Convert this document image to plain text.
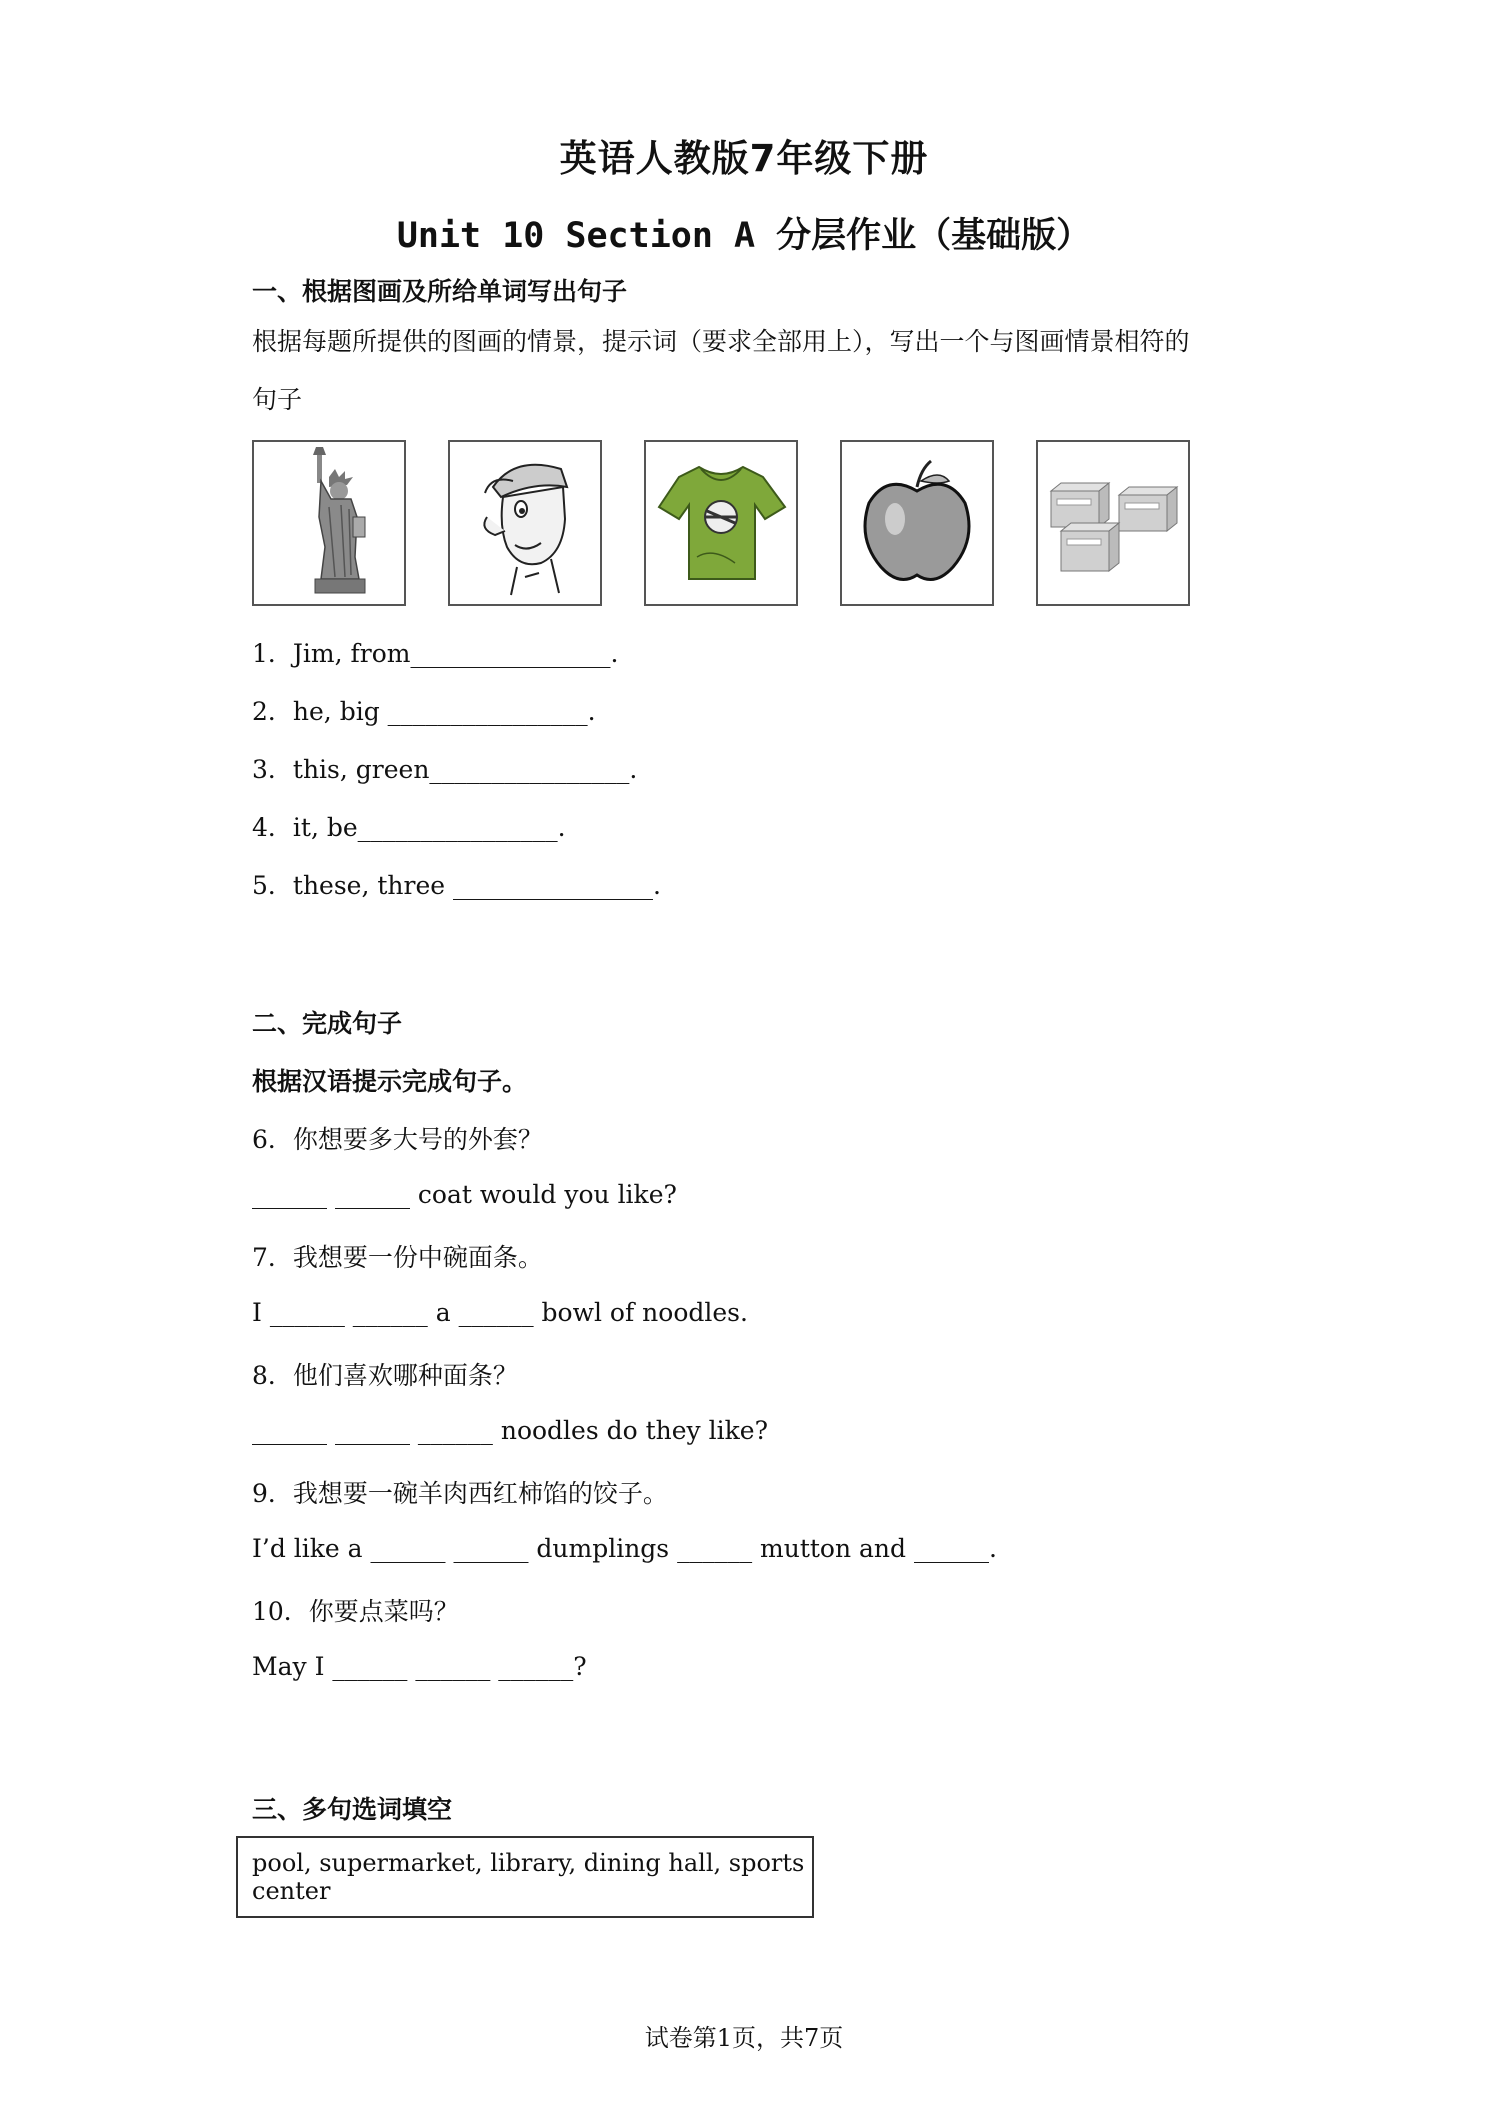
英语人教版7年级下册
Unit 10 Section A 分层作业（基础版）
一、根据图画及所给单词写出句子
根据每题所提供的图画的情景，提示词（要求全部用上），写出一个与图画情景相符的
句子
1．Jim, from________________.
2．he, big ________________.
3．this, green________________.
4．it, be________________.
5．these, three ________________.
二、完成句子
根据汉语提示完成句子。
6．你想要多大号的外套？
______ ______ coat would you like?
7．我想要一份中碗面条。
I ______ ______ a ______ bowl of noodles.
8．他们喜欢哪种面条？
______ ______ ______ noodles do they like?
9．我想要一碗羊肉西红柿馅的饺子。
I’d like a ______ ______ dumplings ______ mutton and ______.
10．你要点菜吗？
May I ______ ______ ______?
三、多句选词填空
pool, supermarket, library, dining hall, sports center
试卷第1页，共7页
